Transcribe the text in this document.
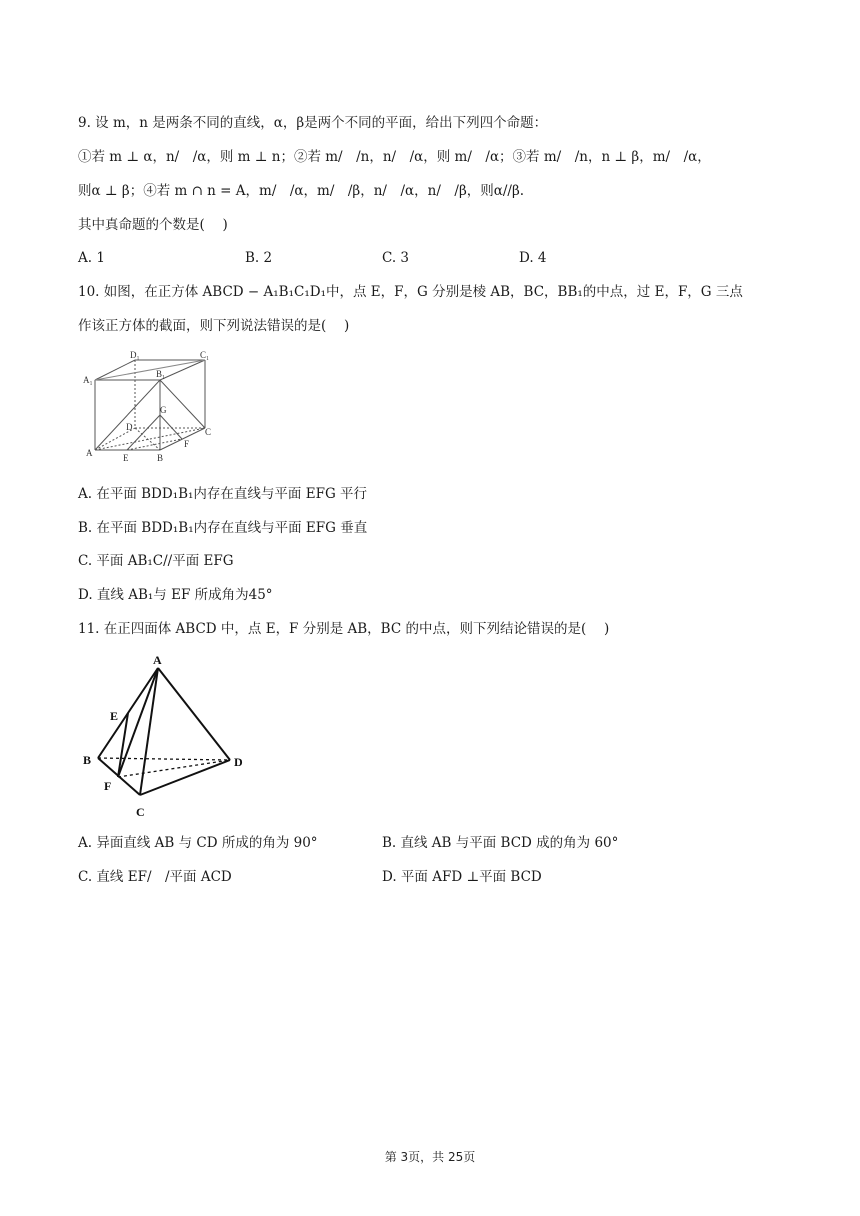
9. 设 m，n 是两条不同的直线，α，β是两个不同的平面，给出下列四个命题：
①若 m ⊥ α，n/　/α，则 m ⊥ n；②若 m/　/n，n/　/α，则 m/　/α；③若 m/　/n，n ⊥ β，m/　/α，
则α ⊥ β；④若 m ∩ n = A，m/　/α，m/　/β，n/　/α，n/　/β，则α//β.
其中真命题的个数是(　 )
A. 1	B. 2	C. 3	D. 4
10. 如图，在正方体 ABCD − A₁B₁C₁D₁中，点 E，F，G 分别是棱 AB，BC，BB₁的中点，过 E，F，G 三点
作该正方体的截面，则下列说法错误的是(　 )
D₁	C₁
A₁
B₁
G
D	C
F
A	E	B
A. 在平面 BDD₁B₁内存在直线与平面 EFG 平行
B. 在平面 BDD₁B₁内存在直线与平面 EFG 垂直
C. 平面 AB₁C//平面 EFG
D. 直线 AB₁与 EF 所成角为45°
11. 在正四面体 ABCD 中，点 E，F 分别是 AB，BC 的中点，则下列结论错误的是(　 )
A
E
B	D
F
C
A. 异面直线 AB 与 CD 所成的角为 90°	B. 直线 AB 与平面 BCD 成的角为 60°
C. 直线 EF/　/平面 ACD	D. 平面 AFD ⊥平面 BCD
第 3页，共 25页
